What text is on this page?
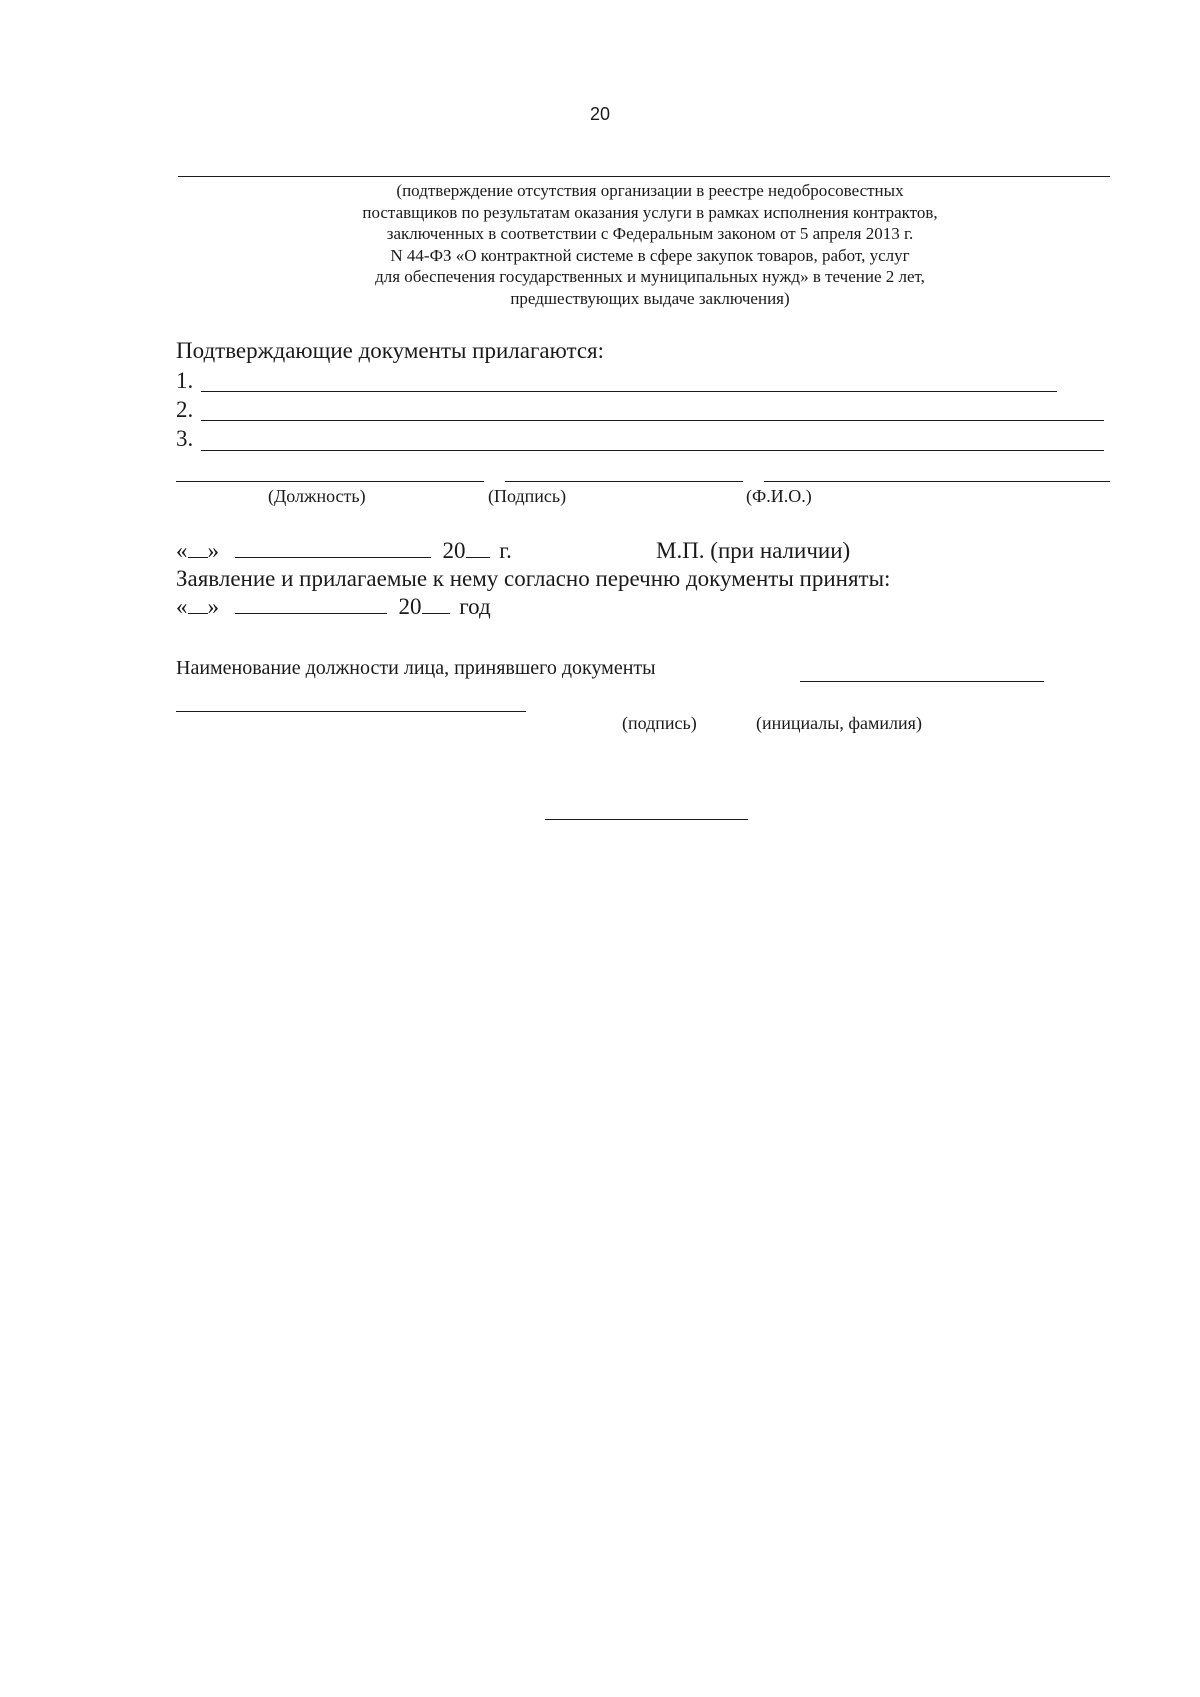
20
(подтверждение отсутствия организации в реестре недобросовестных
поставщиков по результатам оказания услуги в рамках исполнения контрактов,
заключенных в соответствии с Федеральным законом от 5 апреля 2013 г.
N 44-ФЗ «О контрактной системе в сфере закупок товаров, работ, услуг
для обеспечения государственных и муниципальных нужд» в течение 2 лет,
предшествующих выдаче заключения)
Подтверждающие документы прилагаются:
1.
2.
3.
(Должность)	(Подпись)	(Ф.И.О.)
« »	20 г.	М.П. (при наличии)
Заявление и прилагаемые к нему согласно перечню документы приняты:
« »	20 год
Наименование должности лица, принявшего документы
(подпись)	(инициалы, фамилия)
